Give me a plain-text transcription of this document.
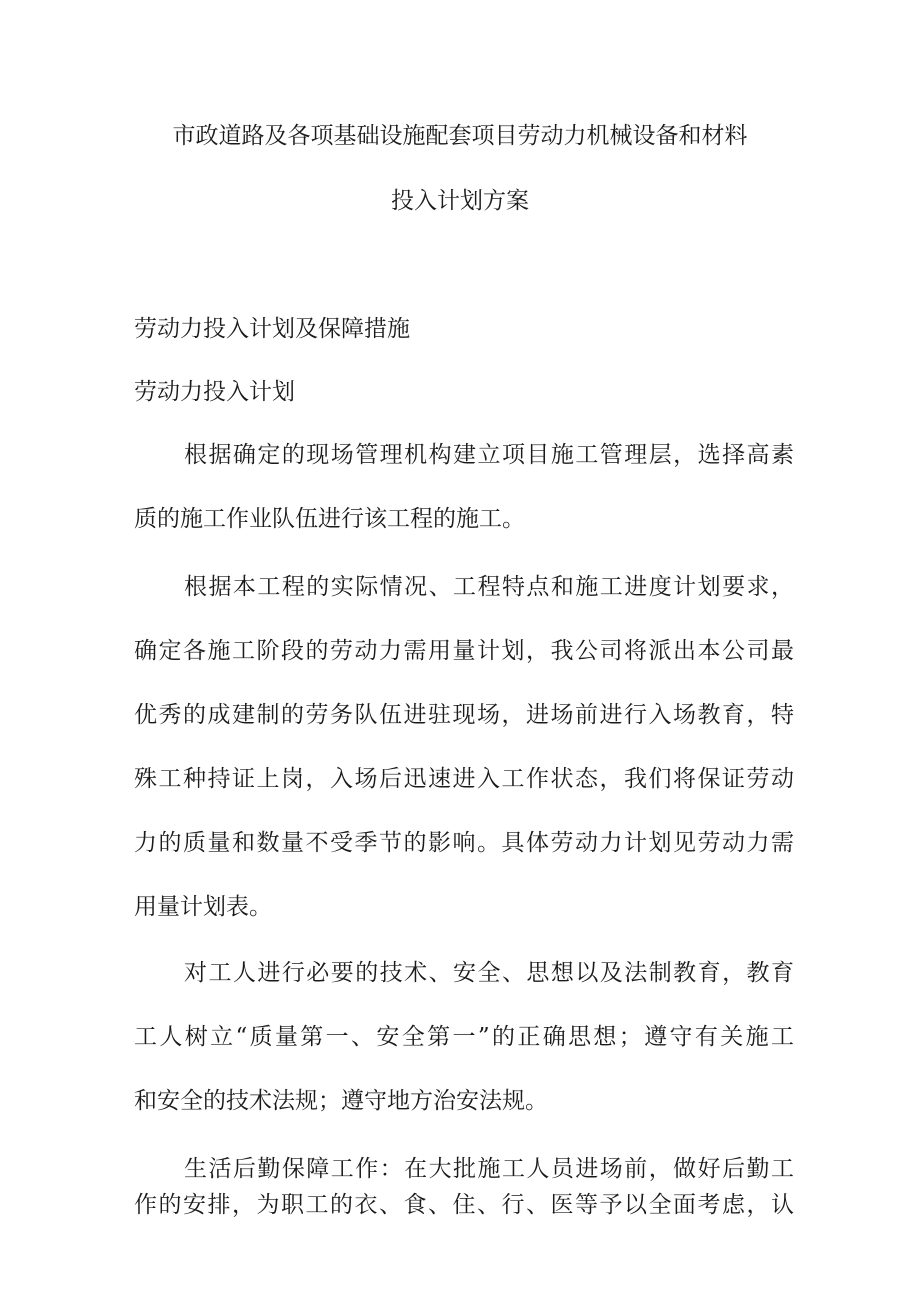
市政道路及各项基础设施配套项目劳动力机械设备和材料
投入计划方案
劳动力投入计划及保障措施
劳动力投入计划
根据确定的现场管理机构建立项目施工管理层，选择高素
质的施工作业队伍进行该工程的施工。
根据本工程的实际情况、工程特点和施工进度计划要求，
确定各施工阶段的劳动力需用量计划，我公司将派出本公司最
优秀的成建制的劳务队伍进驻现场，进场前进行入场教育，特
殊工种持证上岗，入场后迅速进入工作状态，我们将保证劳动
力的质量和数量不受季节的影响。具体劳动力计划见劳动力需
用量计划表。
对工人进行必要的技术、安全、思想以及法制教育，教育
工人树立“质量第一、安全第一”的正确思想；遵守有关施工
和安全的技术法规；遵守地方治安法规。
生活后勤保障工作：在大批施工人员进场前，做好后勤工
作的安排，为职工的衣、食、住、行、医等予以全面考虑，认
